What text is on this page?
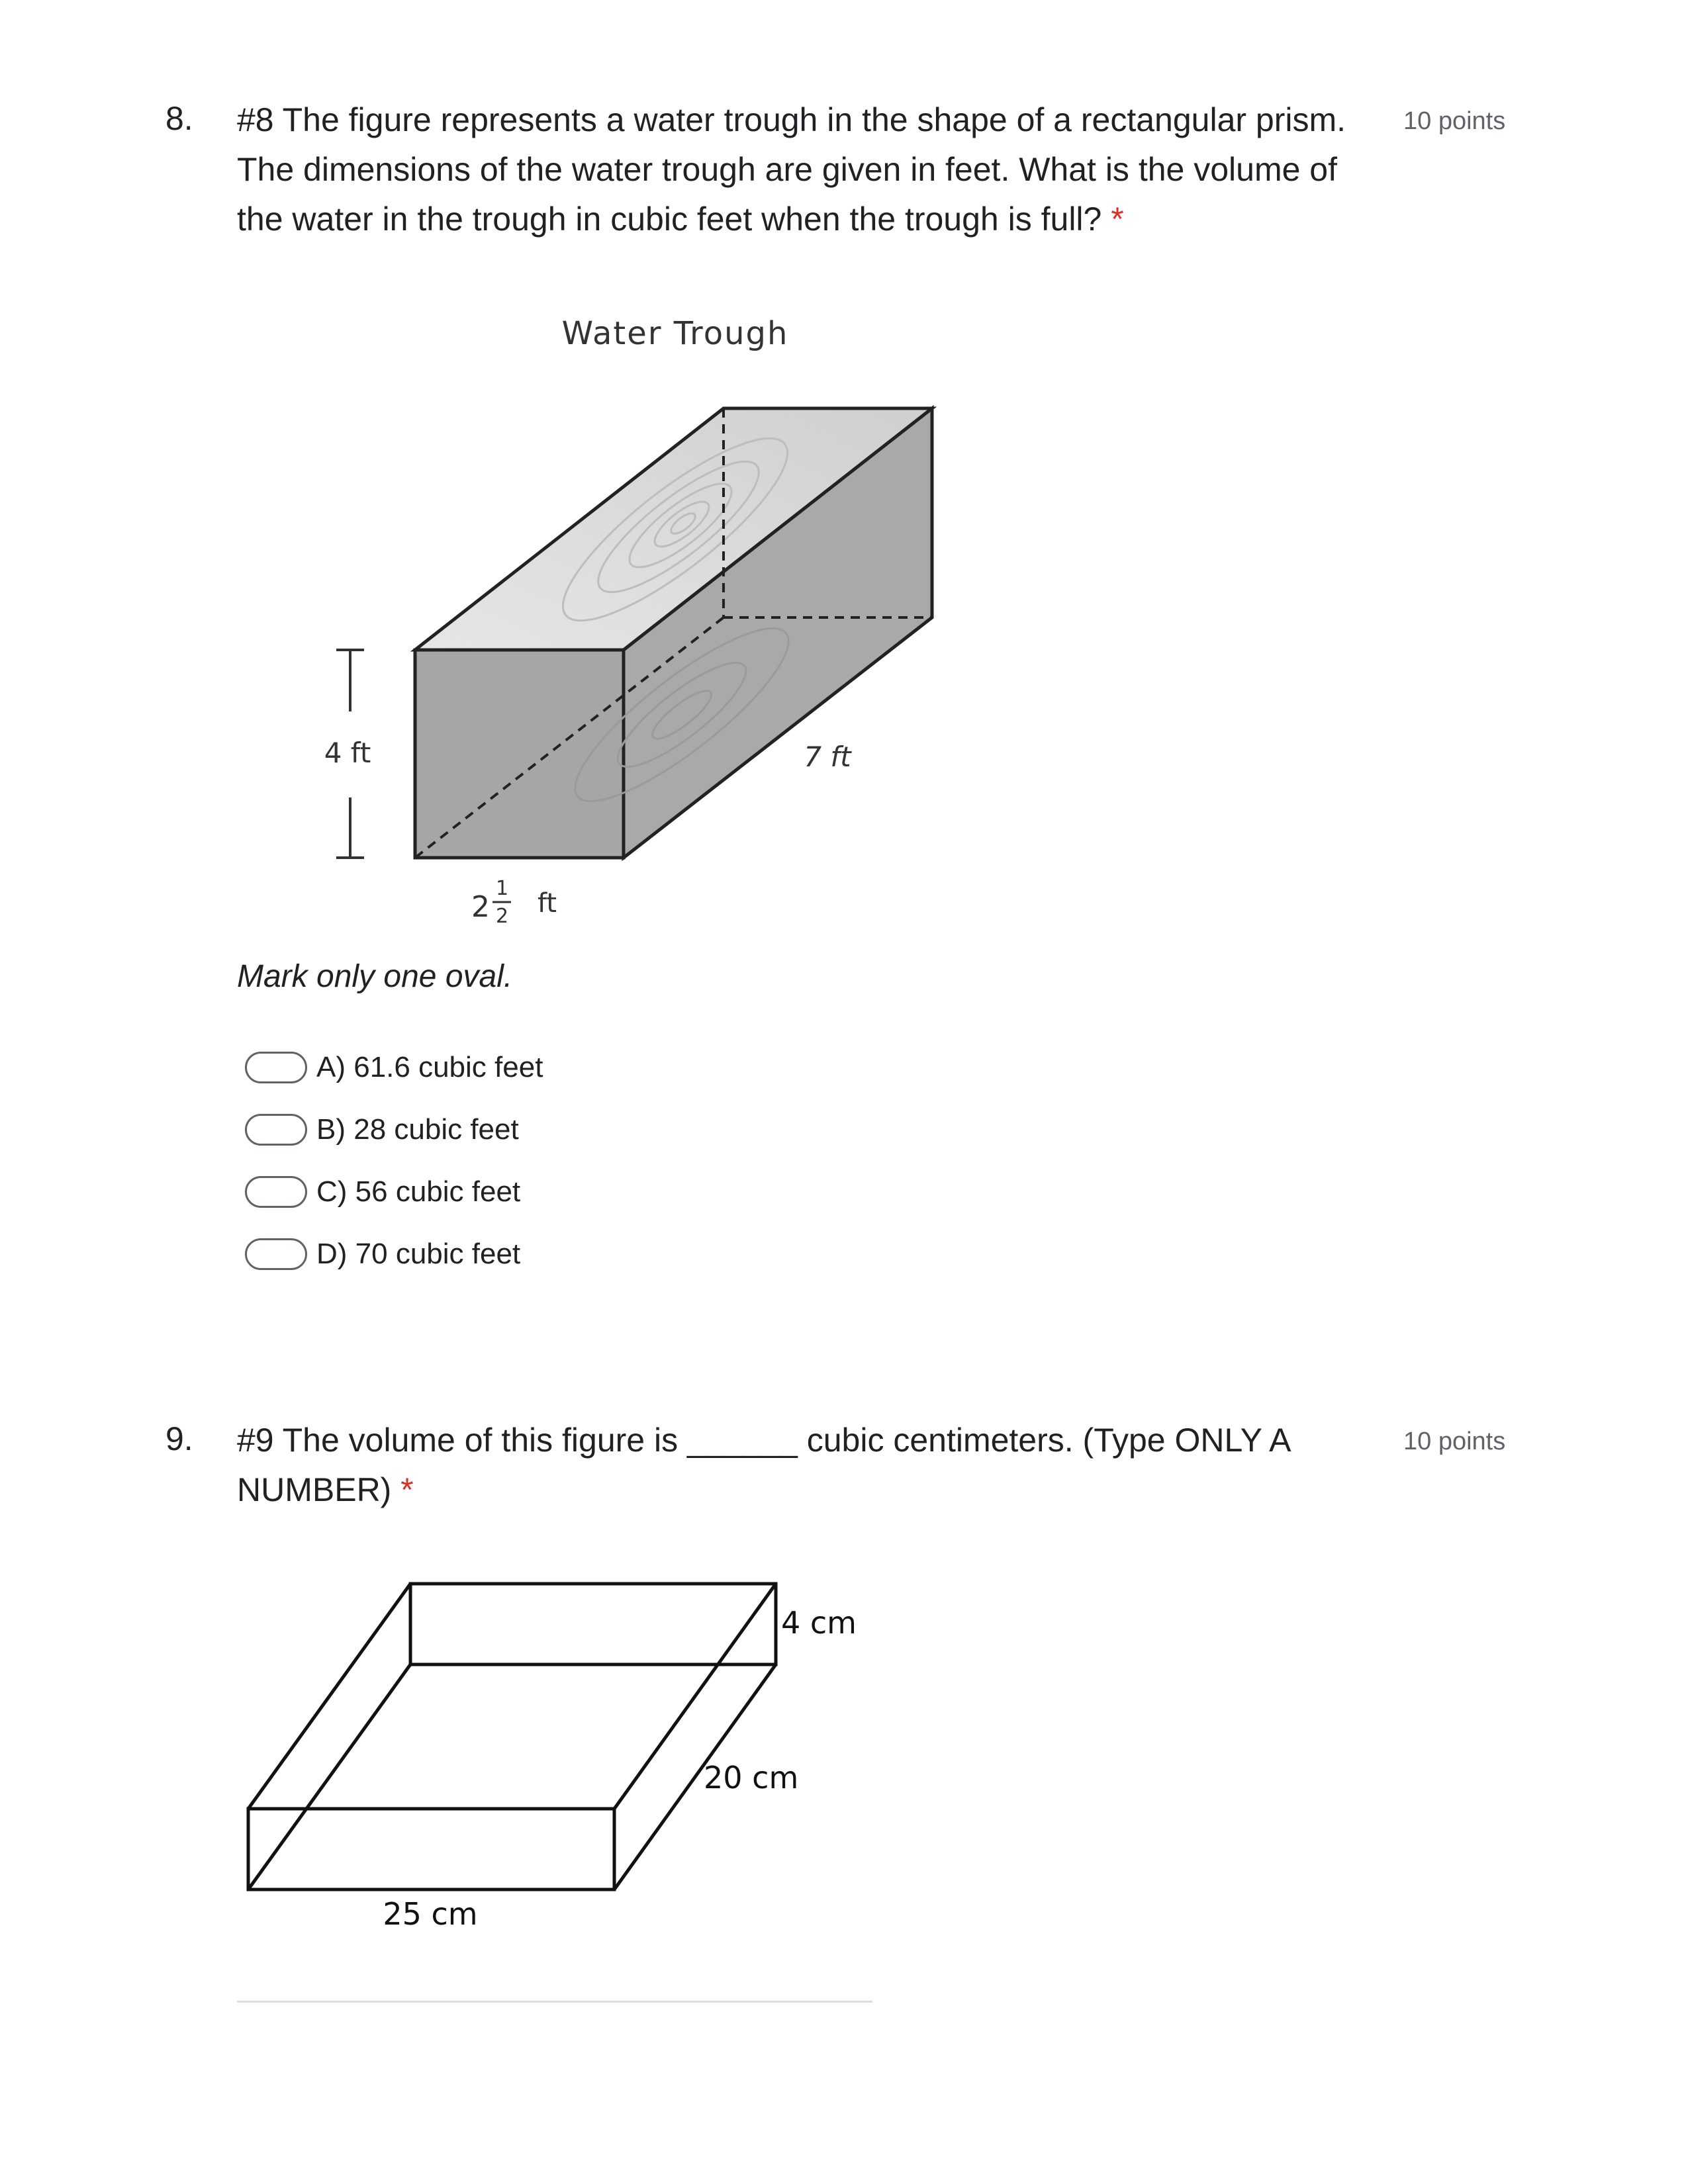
8. #8 The figure represents a water trough in the shape of a rectangular prism.
The dimensions of the water trough are given in feet. What is the volume of
the water in the trough in cubic feet when the trough is full? *
10 points
Water Trough
4 ft	7 ft
2
1
2 ft
Mark only one oval.
A) 61.6 cubic feet
B) 28 cubic feet
C) 56 cubic feet
D) 70 cubic feet
9. #9 The volume of this figure is ______ cubic centimeters. (Type ONLY A
NUMBER) *
10 points
4 cm
20 cm
25 cm
